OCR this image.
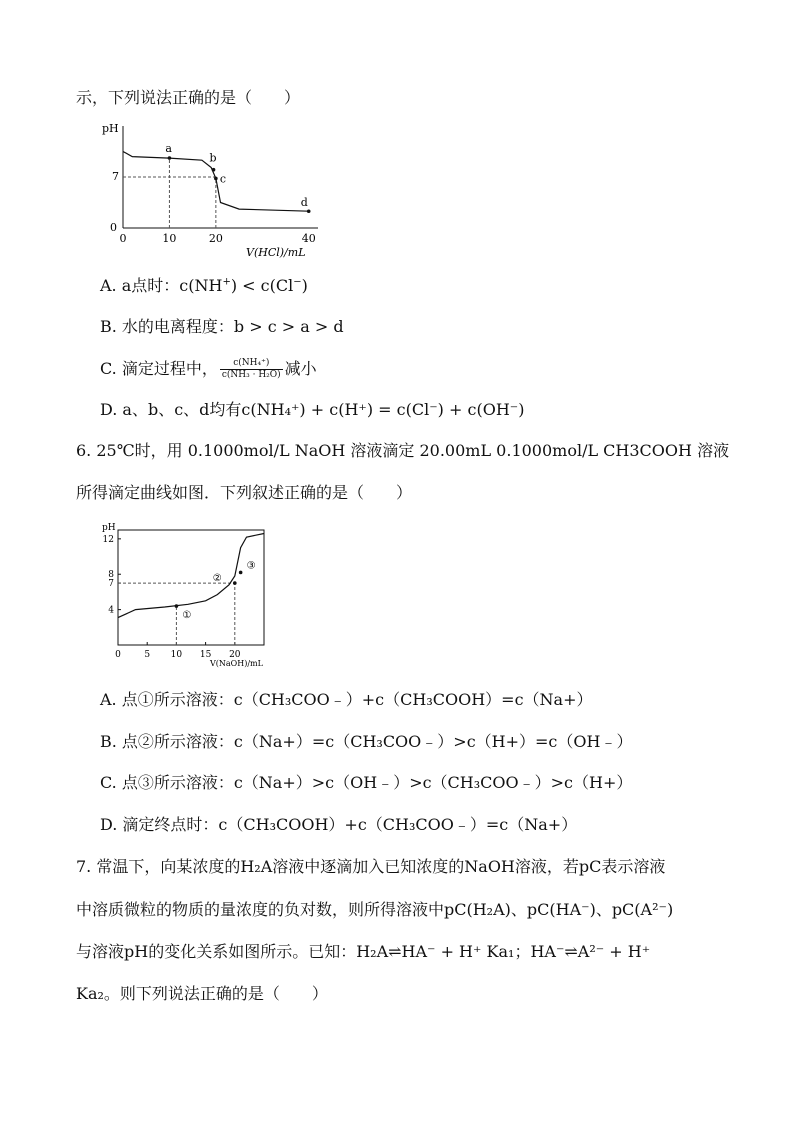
示，下列说法正确的是（　　）
pH
V(HCl)/mL
0	10	20	40
7
0
a
b
c
d
A. a点时：c(NH+) < c(Cl−)
B. 水的电离程度：b > c > a > d
C. 滴定过程中， $\frac{\text{c(NH₄⁺)}}{\text{c(NH₃ · H₂O)}}$ 减小
D. a、b、c、d均有c(NH₄⁺) + c(H⁺) = c(Cl⁻) + c(OH⁻)
6. 25℃时，用 0.1000mol/L NaOH 溶液滴定 20.00mL 0.1000mol/L CH3COOH 溶液
所得滴定曲线如图．下列叙述正确的是（　　）
pH
V(NaOH)/mL
0	5 10 15 20
4
7
8
12
①
②
③
A. 点①所示溶液：c（CH₃COO﹣）+c（CH₃COOH）=c（Na+）
B. 点②所示溶液：c（Na+）=c（CH₃COO﹣）>c（H+）=c（OH﹣）
C. 点③所示溶液：c（Na+）>c（OH﹣）>c（CH₃COO﹣）>c（H+）
D. 滴定终点时：c（CH₃COOH）+c（CH₃COO﹣）=c（Na+）
7. 常温下，向某浓度的H₂A溶液中逐滴加入已知浓度的NaOH溶液，若pC表示溶液
中溶质微粒的物质的量浓度的负对数，则所得溶液中pC(H₂A)、pC(HA⁻)、pC(A²⁻)
与溶液pH的变化关系如图所示。已知：H₂A⇌HA⁻ + H⁺ Ka₁；HA⁻⇌A²⁻ + H⁺
Ka₂。则下列说法正确的是（　　）
